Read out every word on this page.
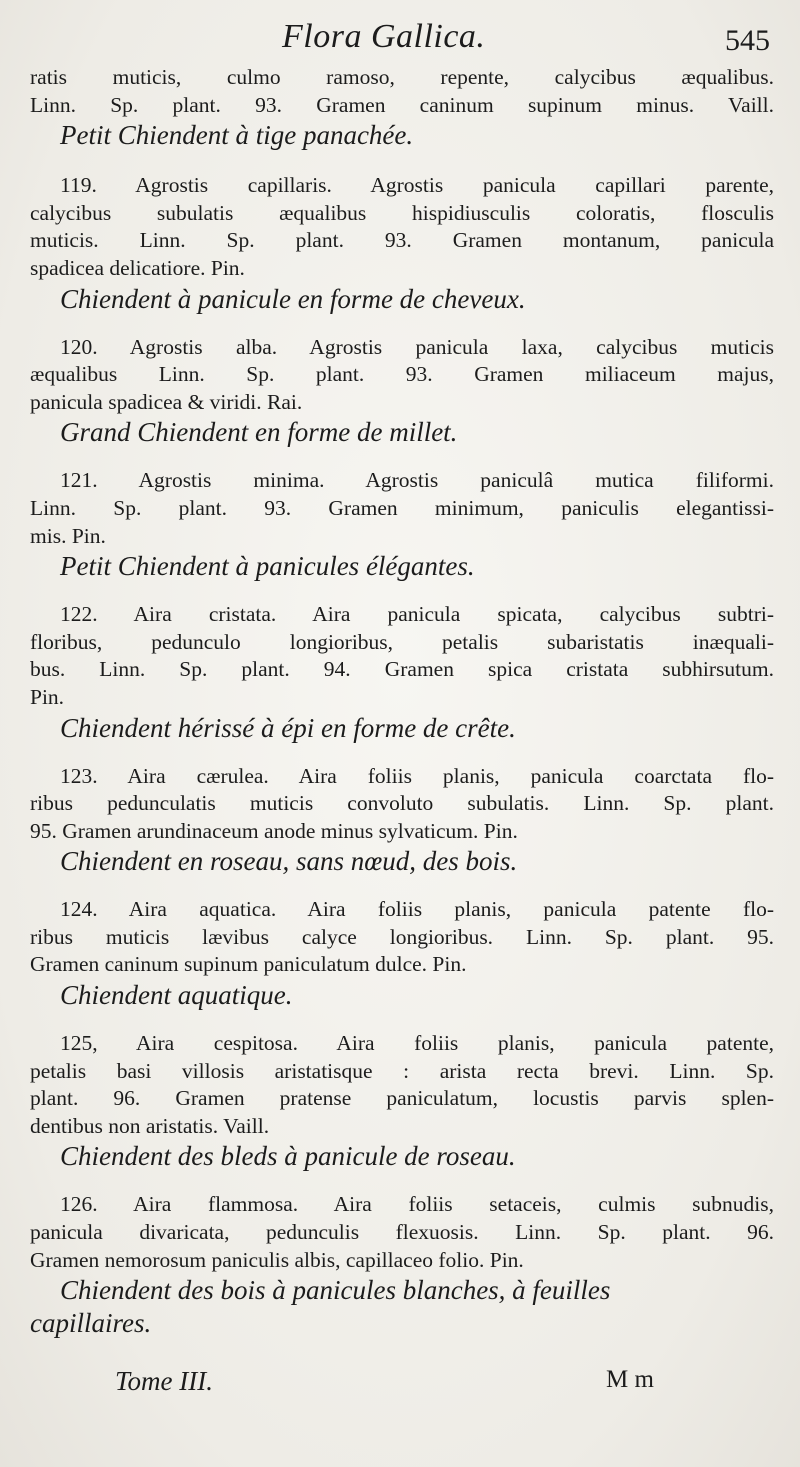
Flora Gallica.	545
ratis muticis, culmo ramoso, repente, calycibus æqualibus.
Linn. Sp. plant. 93. Gramen caninum supinum minus. Vaill.
Petit Chiendent à tige panachée.
119. Agrostis capillaris. Agrostis panicula capillari parente,
calycibus subulatis æqualibus hispidiusculis coloratis, flosculis
muticis. Linn. Sp. plant. 93. Gramen montanum, panicula
spadicea delicatiore. Pin.
Chiendent à panicule en forme de cheveux.
120. Agrostis alba. Agrostis panicula laxa, calycibus muticis
æqualibus Linn. Sp. plant. 93. Gramen miliaceum majus,
panicula spadicea & viridi. Rai.
Grand Chiendent en forme de millet.
121. Agrostis minima. Agrostis paniculâ mutica filiformi.
Linn. Sp. plant. 93. Gramen minimum, paniculis elegantissi-
mis. Pin.
Petit Chiendent à panicules élégantes.
122. Aira cristata. Aira panicula spicata, calycibus subtri-
floribus, pedunculo longioribus, petalis subaristatis inæquali-
bus. Linn. Sp. plant. 94. Gramen spica cristata subhirsutum.
Pin.
Chiendent hérissé à épi en forme de crête.
123. Aira cærulea. Aira foliis planis, panicula coarctata flo-
ribus pedunculatis muticis convoluto subulatis. Linn. Sp. plant.
95. Gramen arundinaceum anode minus sylvaticum. Pin.
Chiendent en roseau, sans nœud, des bois.
124. Aira aquatica. Aira foliis planis, panicula patente flo-
ribus muticis lævibus calyce longioribus. Linn. Sp. plant. 95.
Gramen caninum supinum paniculatum dulce. Pin.
Chiendent aquatique.
125, Aira cespitosa. Aira foliis planis, panicula patente,
petalis basi villosis aristatisque : arista recta brevi. Linn. Sp.
plant. 96. Gramen pratense paniculatum, locustis parvis splen-
dentibus non aristatis. Vaill.
Chiendent des bleds à panicule de roseau.
126. Aira flammosa. Aira foliis setaceis, culmis subnudis,
panicula divaricata, pedunculis flexuosis. Linn. Sp. plant. 96.
Gramen nemorosum paniculis albis, capillaceo folio. Pin.
Chiendent des bois à panicules blanches, à feuilles
capillaires.
Tome III.	M m
